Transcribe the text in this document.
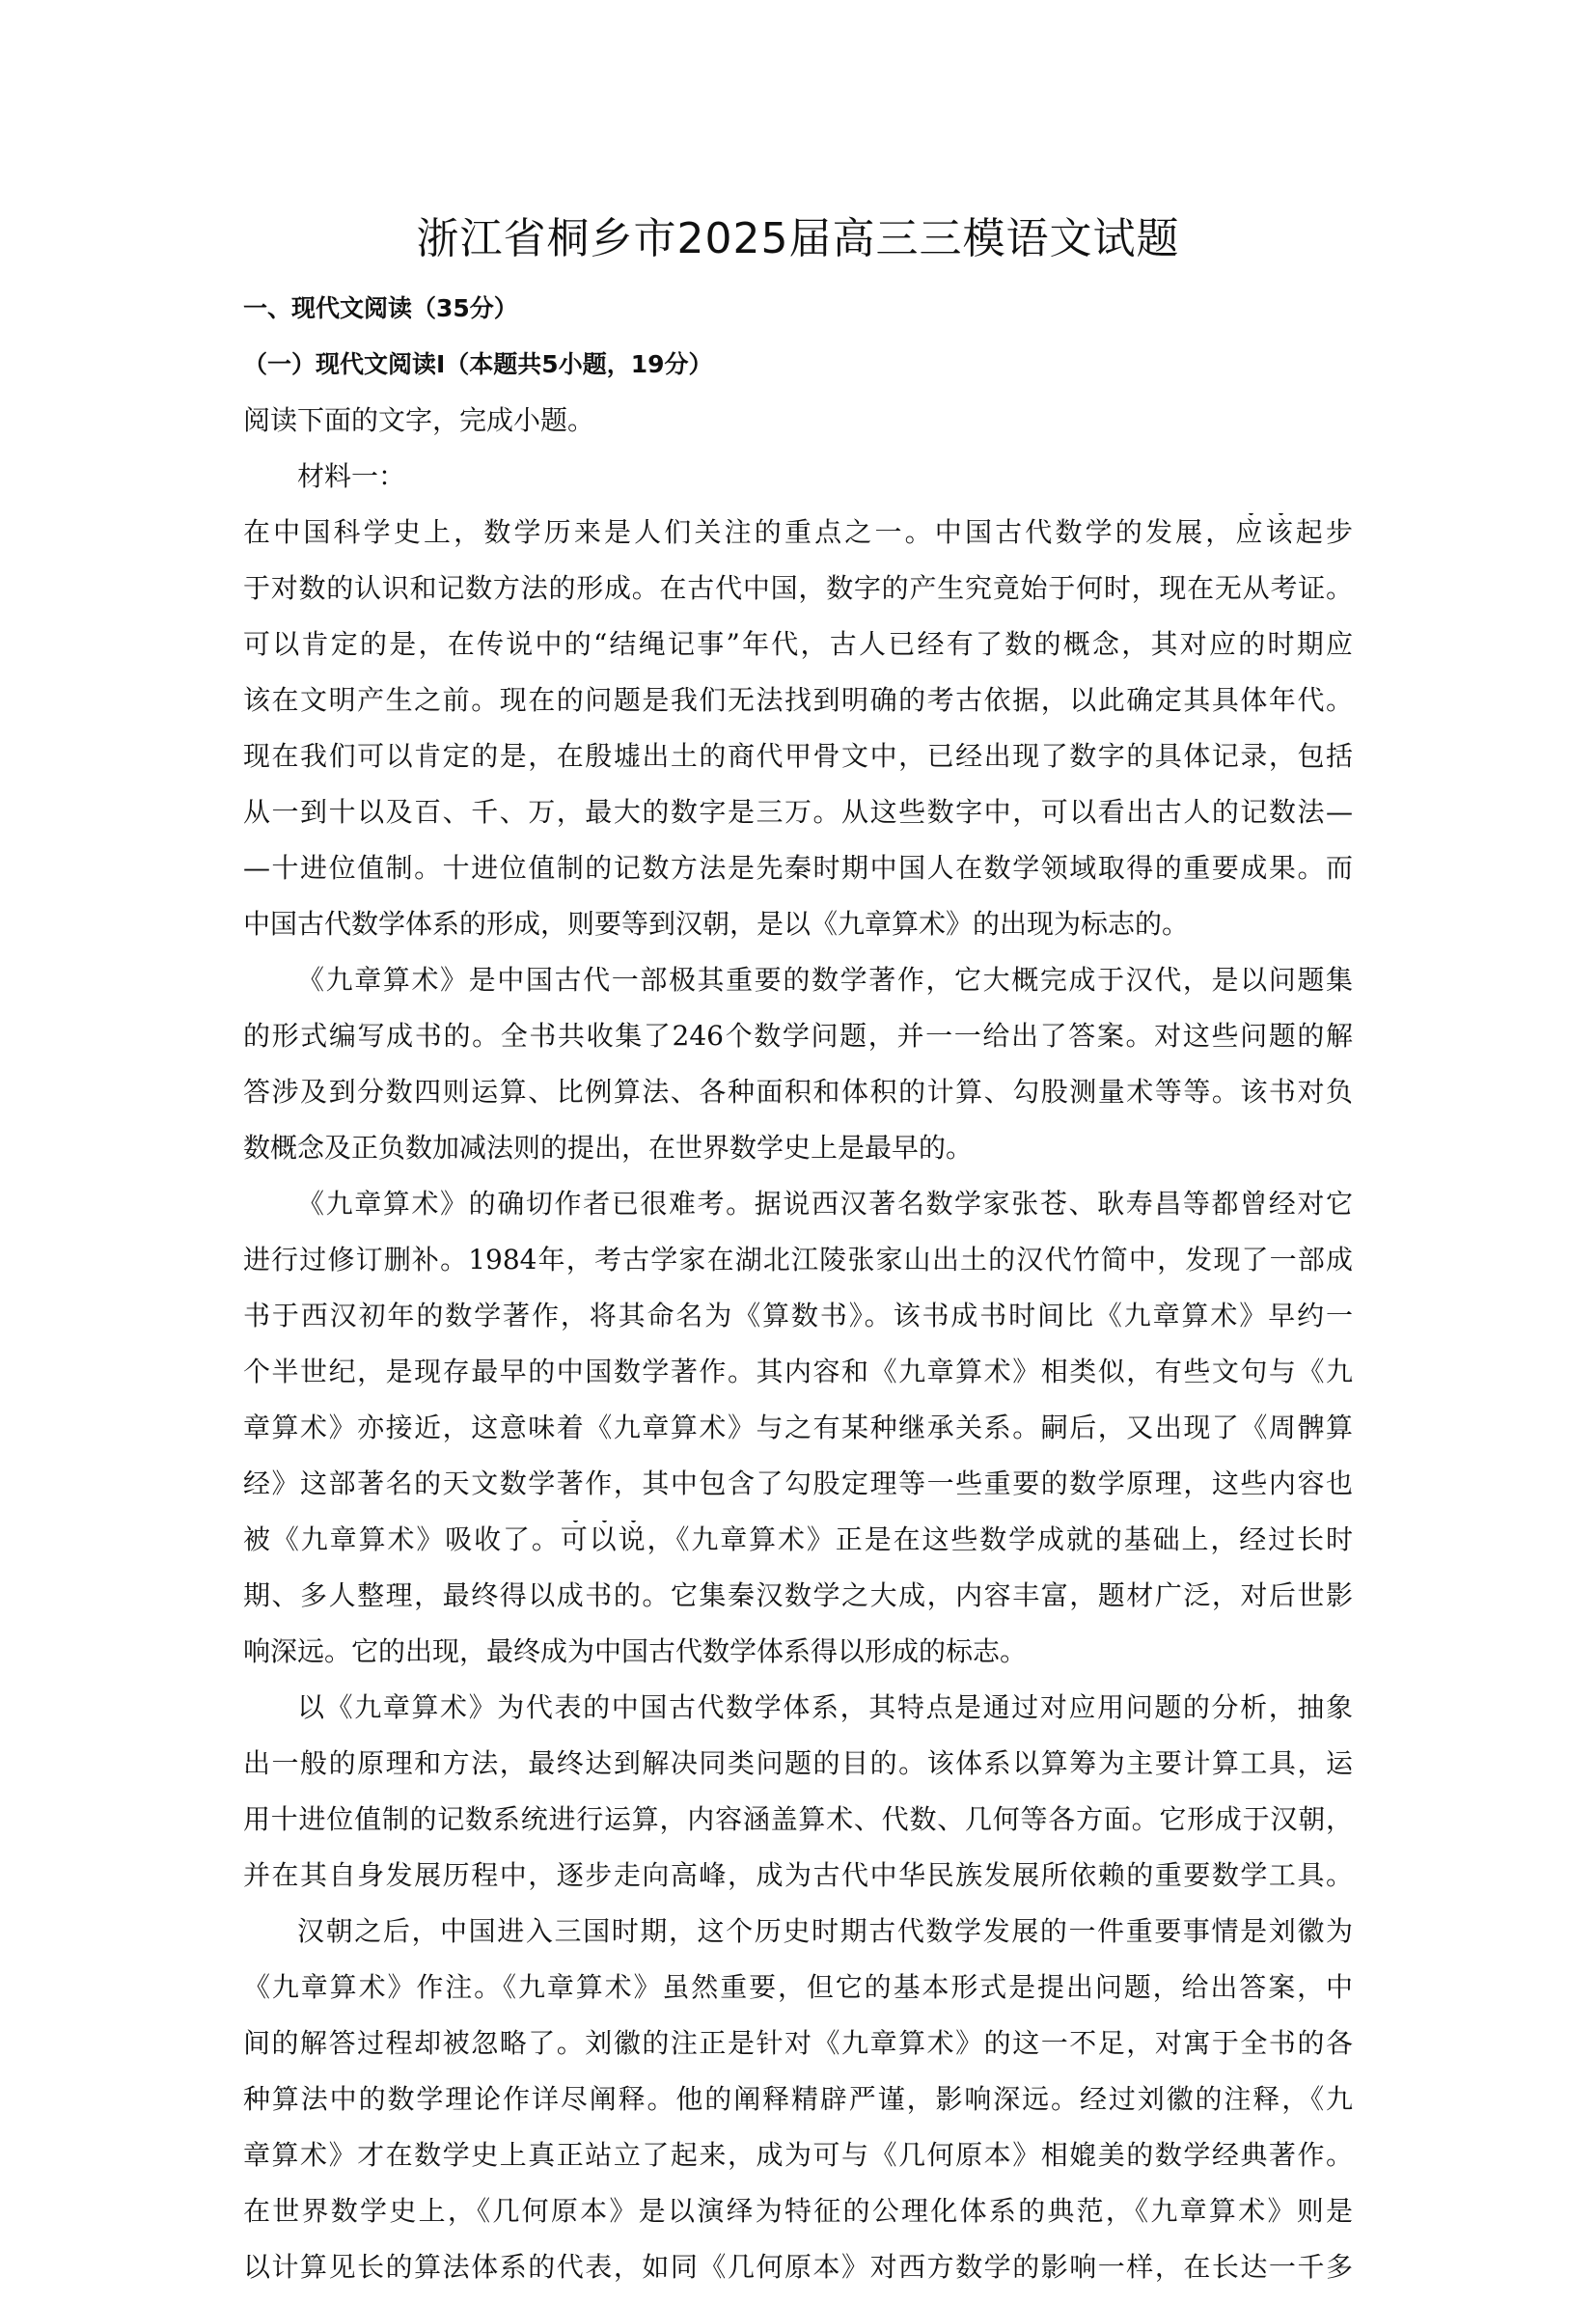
浙江省桐乡市2025届高三三模语文试题
一、现代文阅读（35分）
（一）现代文阅读Ⅰ（本题共5小题，19分）
阅读下面的文字，完成小题。
材料一：
在中国科学史上，数学历来是人们关注的重点之一。中国古代数学的发展，应该起步
于对数的认识和记数方法的形成。在古代中国，数字的产生究竟始于何时，现在无从考证。
可以肯定的是，在传说中的“结绳记事”年代，古人已经有了数的概念，其对应的时期应
该在文明产生之前。现在的问题是我们无法找到明确的考古依据，以此确定其具体年代。
现在我们可以肯定的是，在殷墟出土的商代甲骨文中，已经出现了数字的具体记录，包括
从一到十以及百、千、万，最大的数字是三万。从这些数字中，可以看出古人的记数法—
—十进位值制。十进位值制的记数方法是先秦时期中国人在数学领域取得的重要成果。而
中国古代数学体系的形成，则要等到汉朝，是以《九章算术》的出现为标志的。
《九章算术》是中国古代一部极其重要的数学著作，它大概完成于汉代，是以问题集
的形式编写成书的。全书共收集了246个数学问题，并一一给出了答案。对这些问题的解
答涉及到分数四则运算、比例算法、各种面积和体积的计算、勾股测量术等等。该书对负
数概念及正负数加减法则的提出，在世界数学史上是最早的。
《九章算术》的确切作者已很难考。据说西汉著名数学家张苍、耿寿昌等都曾经对它
进行过修订删补。1984年，考古学家在湖北江陵张家山出土的汉代竹简中，发现了一部成
书于西汉初年的数学著作，将其命名为《算数书》。该书成书时间比《九章算术》早约一
个半世纪，是现存最早的中国数学著作。其内容和《九章算术》相类似，有些文句与《九
章算术》亦接近，这意味着《九章算术》与之有某种继承关系。嗣后，又出现了《周髀算
经》这部著名的天文数学著作，其中包含了勾股定理等一些重要的数学原理，这些内容也
被《九章算术》吸收了。可以说，《九章算术》正是在这些数学成就的基础上，经过长时
期、多人整理，最终得以成书的。它集秦汉数学之大成，内容丰富，题材广泛，对后世影
响深远。它的出现，最终成为中国古代数学体系得以形成的标志。
以《九章算术》为代表的中国古代数学体系，其特点是通过对应用问题的分析，抽象
出一般的原理和方法，最终达到解决同类问题的目的。该体系以算筹为主要计算工具，运
用十进位值制的记数系统进行运算，内容涵盖算术、代数、几何等各方面。它形成于汉朝，
并在其自身发展历程中，逐步走向高峰，成为古代中华民族发展所依赖的重要数学工具。
汉朝之后，中国进入三国时期，这个历史时期古代数学发展的一件重要事情是刘徽为
《九章算术》作注。《九章算术》虽然重要，但它的基本形式是提出问题，给出答案，中
间的解答过程却被忽略了。刘徽的注正是针对《九章算术》的这一不足，对寓于全书的各
种算法中的数学理论作详尽阐释。他的阐释精辟严谨，影响深远。经过刘徽的注释，《九
章算术》才在数学史上真正站立了起来，成为可与《几何原本》相媲美的数学经典著作。
在世界数学史上，《几何原本》是以演绎为特征的公理化体系的典范，《九章算术》则是
以计算见长的算法体系的代表，如同《几何原本》对西方数学的影响一样，在长达一千多
